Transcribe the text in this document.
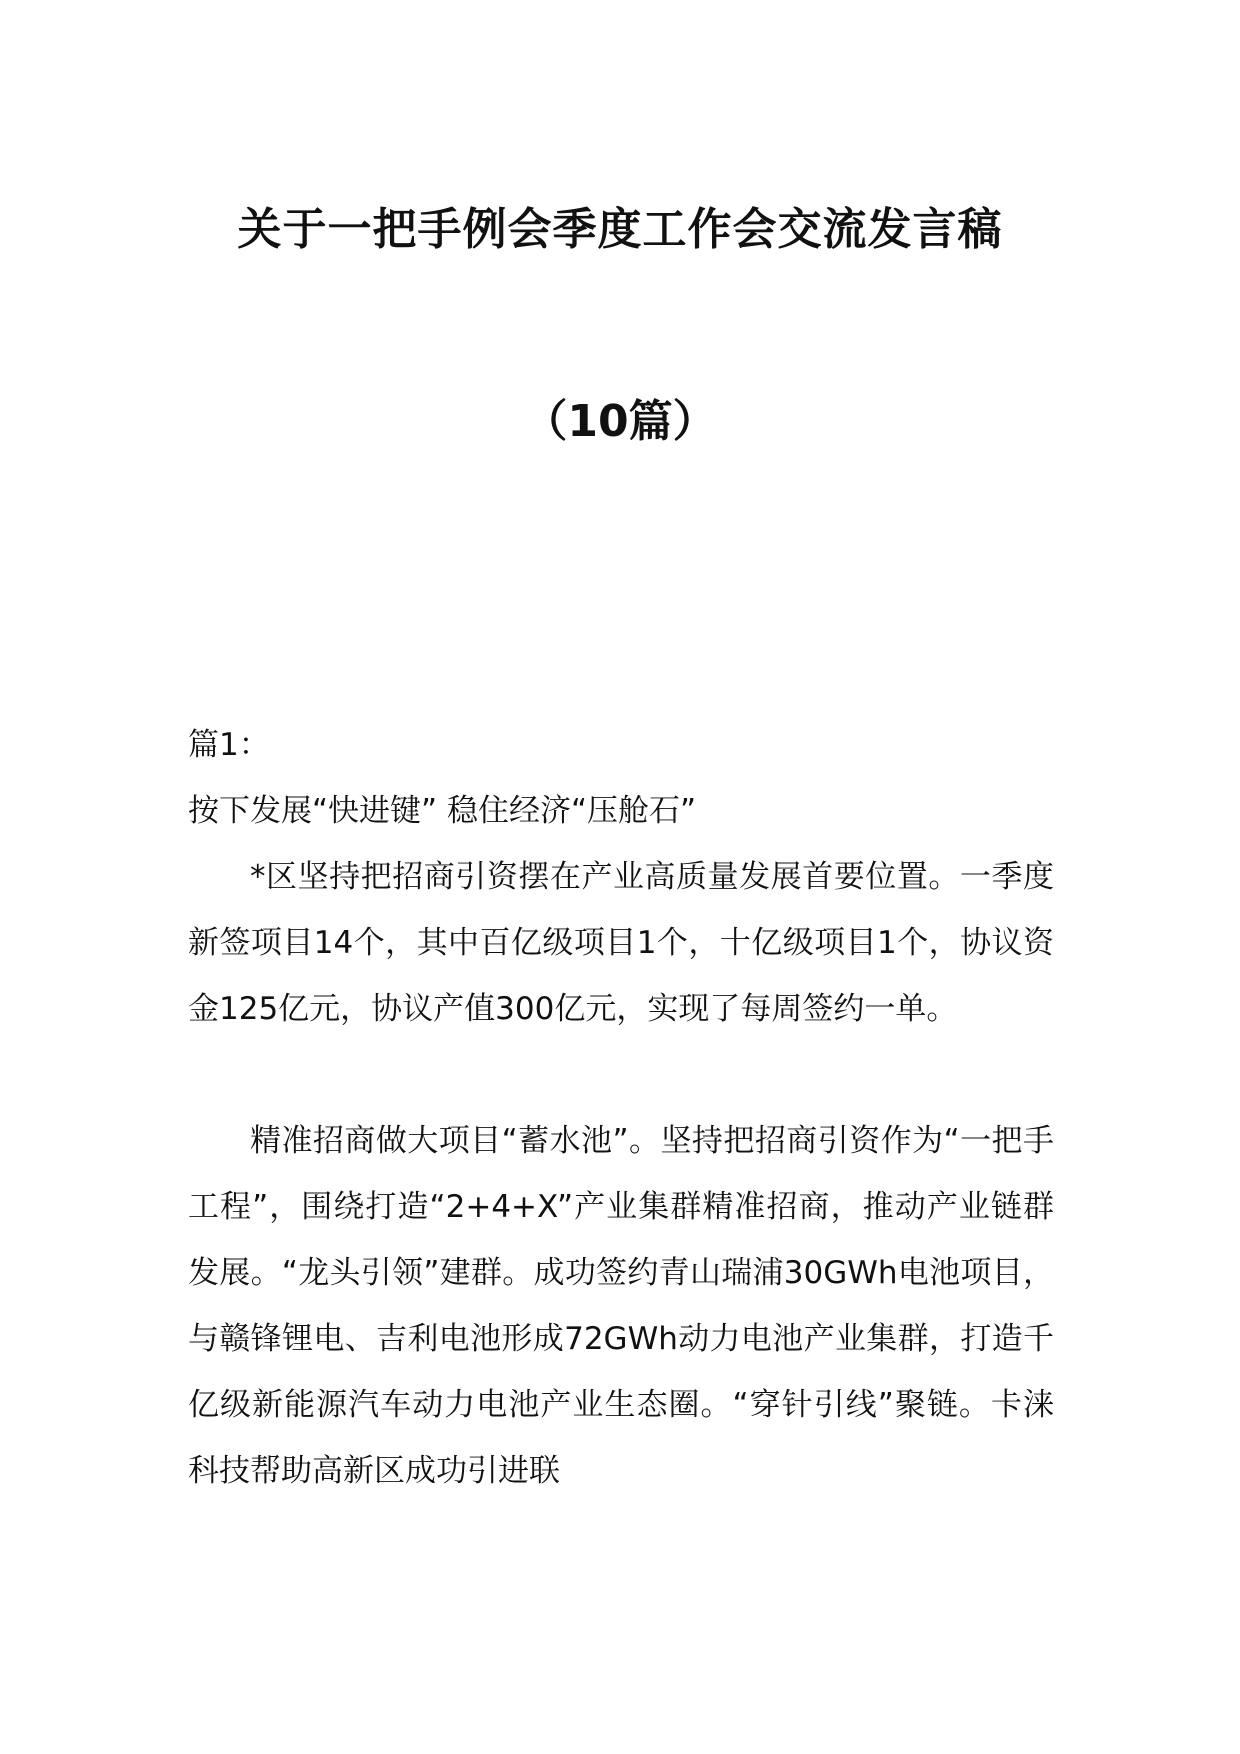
关于一把手例会季度工作会交流发言稿
（10篇）
篇1：
按下发展“快进键” 稳住经济“压舱石”

*区坚持把招商引资摆在产业高质量发展首要位置。一季度新签项目14个，其中百亿级项目1个，十亿级项目1个，协议资金125亿元，协议产值300亿元，实现了每周签约一单。

精准招商做大项目“蓄水池”。坚持把招商引资作为“一把手工程”，围绕打造“2+4+X”产业集群精准招商，推动产业链群发展。“龙头引领”建群。成功签约青山瑞浦30GWh电池项目，与赣锋锂电、吉利电池形成72GWh动力电池产业集群，打造千亿级新能源汽车动力电池产业生态圈。“穿针引线”聚链。卡涞科技帮助高新区成功引进联
